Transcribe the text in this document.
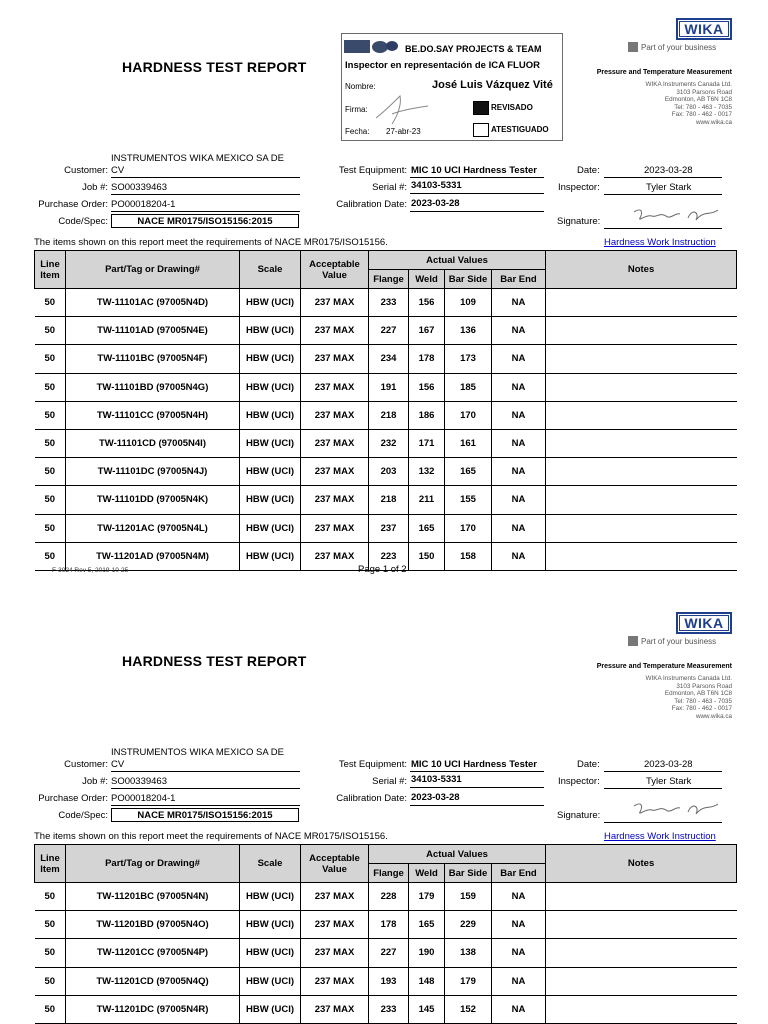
HARDNESS TEST REPORT
BE.DO.SAY PROJECTS & TEAM
Inspector en representación de ICA FLUOR
Nombre:	José Luis Vázquez Vité
Firma:
Fecha: 27-abr-23
REVISADO
ATESTIGUADO
WIKA
Part of your business
Pressure and Temperature Measurement
WIKA Instruments Canada Ltd.
3103 Parsons Road
Edmonton, AB T6N 1C8
Tel: 780 - 463 - 7035
Fax: 780 - 462 - 0017
www.wika.ca
INSTRUMENTOS WIKA MEXICO SA DE
Customer: CV
Job #: SO00339463
Purchase Order: PO00018204-1
Code/Spec:	NACE MR0175/ISO15156:2015
Test Equipment: MIC 10 UCI Hardness Tester
Serial #: 34103-5331
Calibration Date: 2023-03-28
Date:	2023-03-28
Inspector:	Tyler Stark
Signature:
The items shown on this report meet the requirements of NACE MR0175/ISO15156.	Hardness Work Instruction
Line Item	Part/Tag or Drawing#	Scale	Acceptable Value	Actual Values				Notes
				Flange	Weld	Bar Side	Bar End	
50	TW-11101AC (97005N4D)	HBW (UCI)	237 MAX	233	156	109	NA	
50	TW-11101AD (97005N4E)	HBW (UCI)	237 MAX	227	167	136	NA	
50	TW-11101BC (97005N4F)	HBW (UCI)	237 MAX	234	178	173	NA	
50	TW-11101BD (97005N4G)	HBW (UCI)	237 MAX	191	156	185	NA	
50	TW-11101CC (97005N4H)	HBW (UCI)	237 MAX	218	186	170	NA	
50	TW-11101CD (97005N4I)	HBW (UCI)	237 MAX	232	171	161	NA	
50	TW-11101DC (97005N4J)	HBW (UCI)	237 MAX	203	132	165	NA	
50	TW-11101DD (97005N4K)	HBW (UCI)	237 MAX	218	211	155	NA	
50	TW-11201AC (97005N4L)	HBW (UCI)	237 MAX	237	165	170	NA	
50	TW-11201AD (97005N4M)	HBW (UCI)	237 MAX	223	150	158	NA	
F-3024 Rev 5, 2019-10-25	Page 1 of 2
HARDNESS TEST REPORT
WIKA
Part of your business
Pressure and Temperature Measurement
WIKA Instruments Canada Ltd.
3103 Parsons Road
Edmonton, AB T6N 1C8
Tel: 780 - 463 - 7035
Fax: 780 - 462 - 0017
www.wika.ca
INSTRUMENTOS WIKA MEXICO SA DE
Customer: CV
Job #: SO00339463
Purchase Order: PO00018204-1
Code/Spec:	NACE MR0175/ISO15156:2015
Test Equipment: MIC 10 UCI Hardness Tester
Serial #: 34103-5331
Calibration Date: 2023-03-28
Date:	2023-03-28
Inspector:	Tyler Stark
Signature:
The items shown on this report meet the requirements of NACE MR0175/ISO15156.	Hardness Work Instruction
Line Item	Part/Tag or Drawing#	Scale	Acceptable Value	Actual Values				Notes
				Flange	Weld	Bar Side	Bar End	
50	TW-11201BC (97005N4N)	HBW (UCI)	237 MAX	228	179	159	NA	
50	TW-11201BD (97005N4O)	HBW (UCI)	237 MAX	178	165	229	NA	
50	TW-11201CC (97005N4P)	HBW (UCI)	237 MAX	227	190	138	NA	
50	TW-11201CD (97005N4Q)	HBW (UCI)	237 MAX	193	148	179	NA	
50	TW-11201DC (97005N4R)	HBW (UCI)	237 MAX	233	145	152	NA	
